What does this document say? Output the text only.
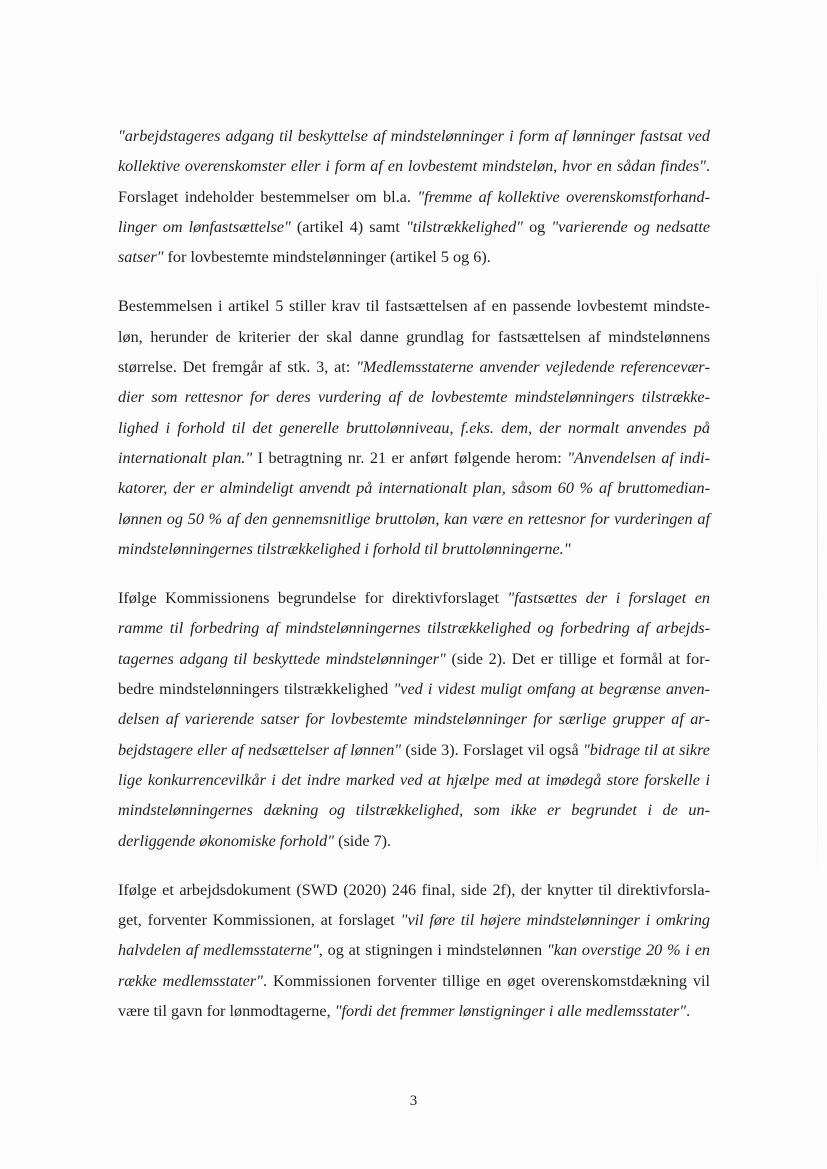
"arbejdstageres adgang til beskyttelse af mindstelønninger i form af lønninger fastsat ved kollektive overenskomster eller i form af en lovbestemt mindsteløn, hvor en sådan findes". Forslaget indeholder bestemmelser om bl.a. "fremme af kollektive overenskomstforhandlinger om lønfastsættelse" (artikel 4) samt "tilstrækkelighed" og "varierende og nedsatte satser" for lovbestemte mindstelønninger (artikel 5 og 6).

Bestemmelsen i artikel 5 stiller krav til fastsættelsen af en passende lovbestemt mindsteløn, herunder de kriterier der skal danne grundlag for fastsættelsen af mindstelønnens størrelse. Det fremgår af stk. 3, at: "Medlemsstaterne anvender vejledende referenceværdier som rettesnor for deres vurdering af de lovbestemte mindstelønningers tilstrækkelighed i forhold til det generelle bruttolønniveau, f.eks. dem, der normalt anvendes på internationalt plan." I betragtning nr. 21 er anført følgende herom: "Anvendelsen af indikatorer, der er almindeligt anvendt på internationalt plan, såsom 60 % af bruttomedianlønnen og 50 % af den gennemsnitlige bruttoløn, kan være en rettesnor for vurderingen af mindstelønningernes tilstrækkelighed i forhold til bruttolønningerne."

Ifølge Kommissionens begrundelse for direktivforslaget "fastsættes der i forslaget en ramme til forbedring af mindstelønningernes tilstrækkelighed og forbedring af arbejdstagernes adgang til beskyttede mindstelønninger" (side 2). Det er tillige et formål at forbedre mindstelønningers tilstrækkelighed "ved i videst muligt omfang at begrænse anvendelsen af varierende satser for lovbestemte mindstelønninger for særlige grupper af arbejdstagere eller af nedsættelser af lønnen" (side 3). Forslaget vil også "bidrage til at sikre lige konkurrencevilkår i det indre marked ved at hjælpe med at imødegå store forskelle i mindstelønningernes dækning og tilstrækkelighed, som ikke er begrundet i de underliggende økonomiske forhold" (side 7).

Ifølge et arbejdsdokument (SWD (2020) 246 final, side 2f), der knytter til direktivforslaget, forventer Kommissionen, at forslaget "vil føre til højere mindstelønninger i omkring halvdelen af medlemsstaterne", og at stigningen i mindstelønnen "kan overstige 20 % i en række medlemsstater". Kommissionen forventer tillige en øget overenskomstdækning vil være til gavn for lønmodtagerne, "fordi det fremmer lønstigninger i alle medlemsstater".

3
